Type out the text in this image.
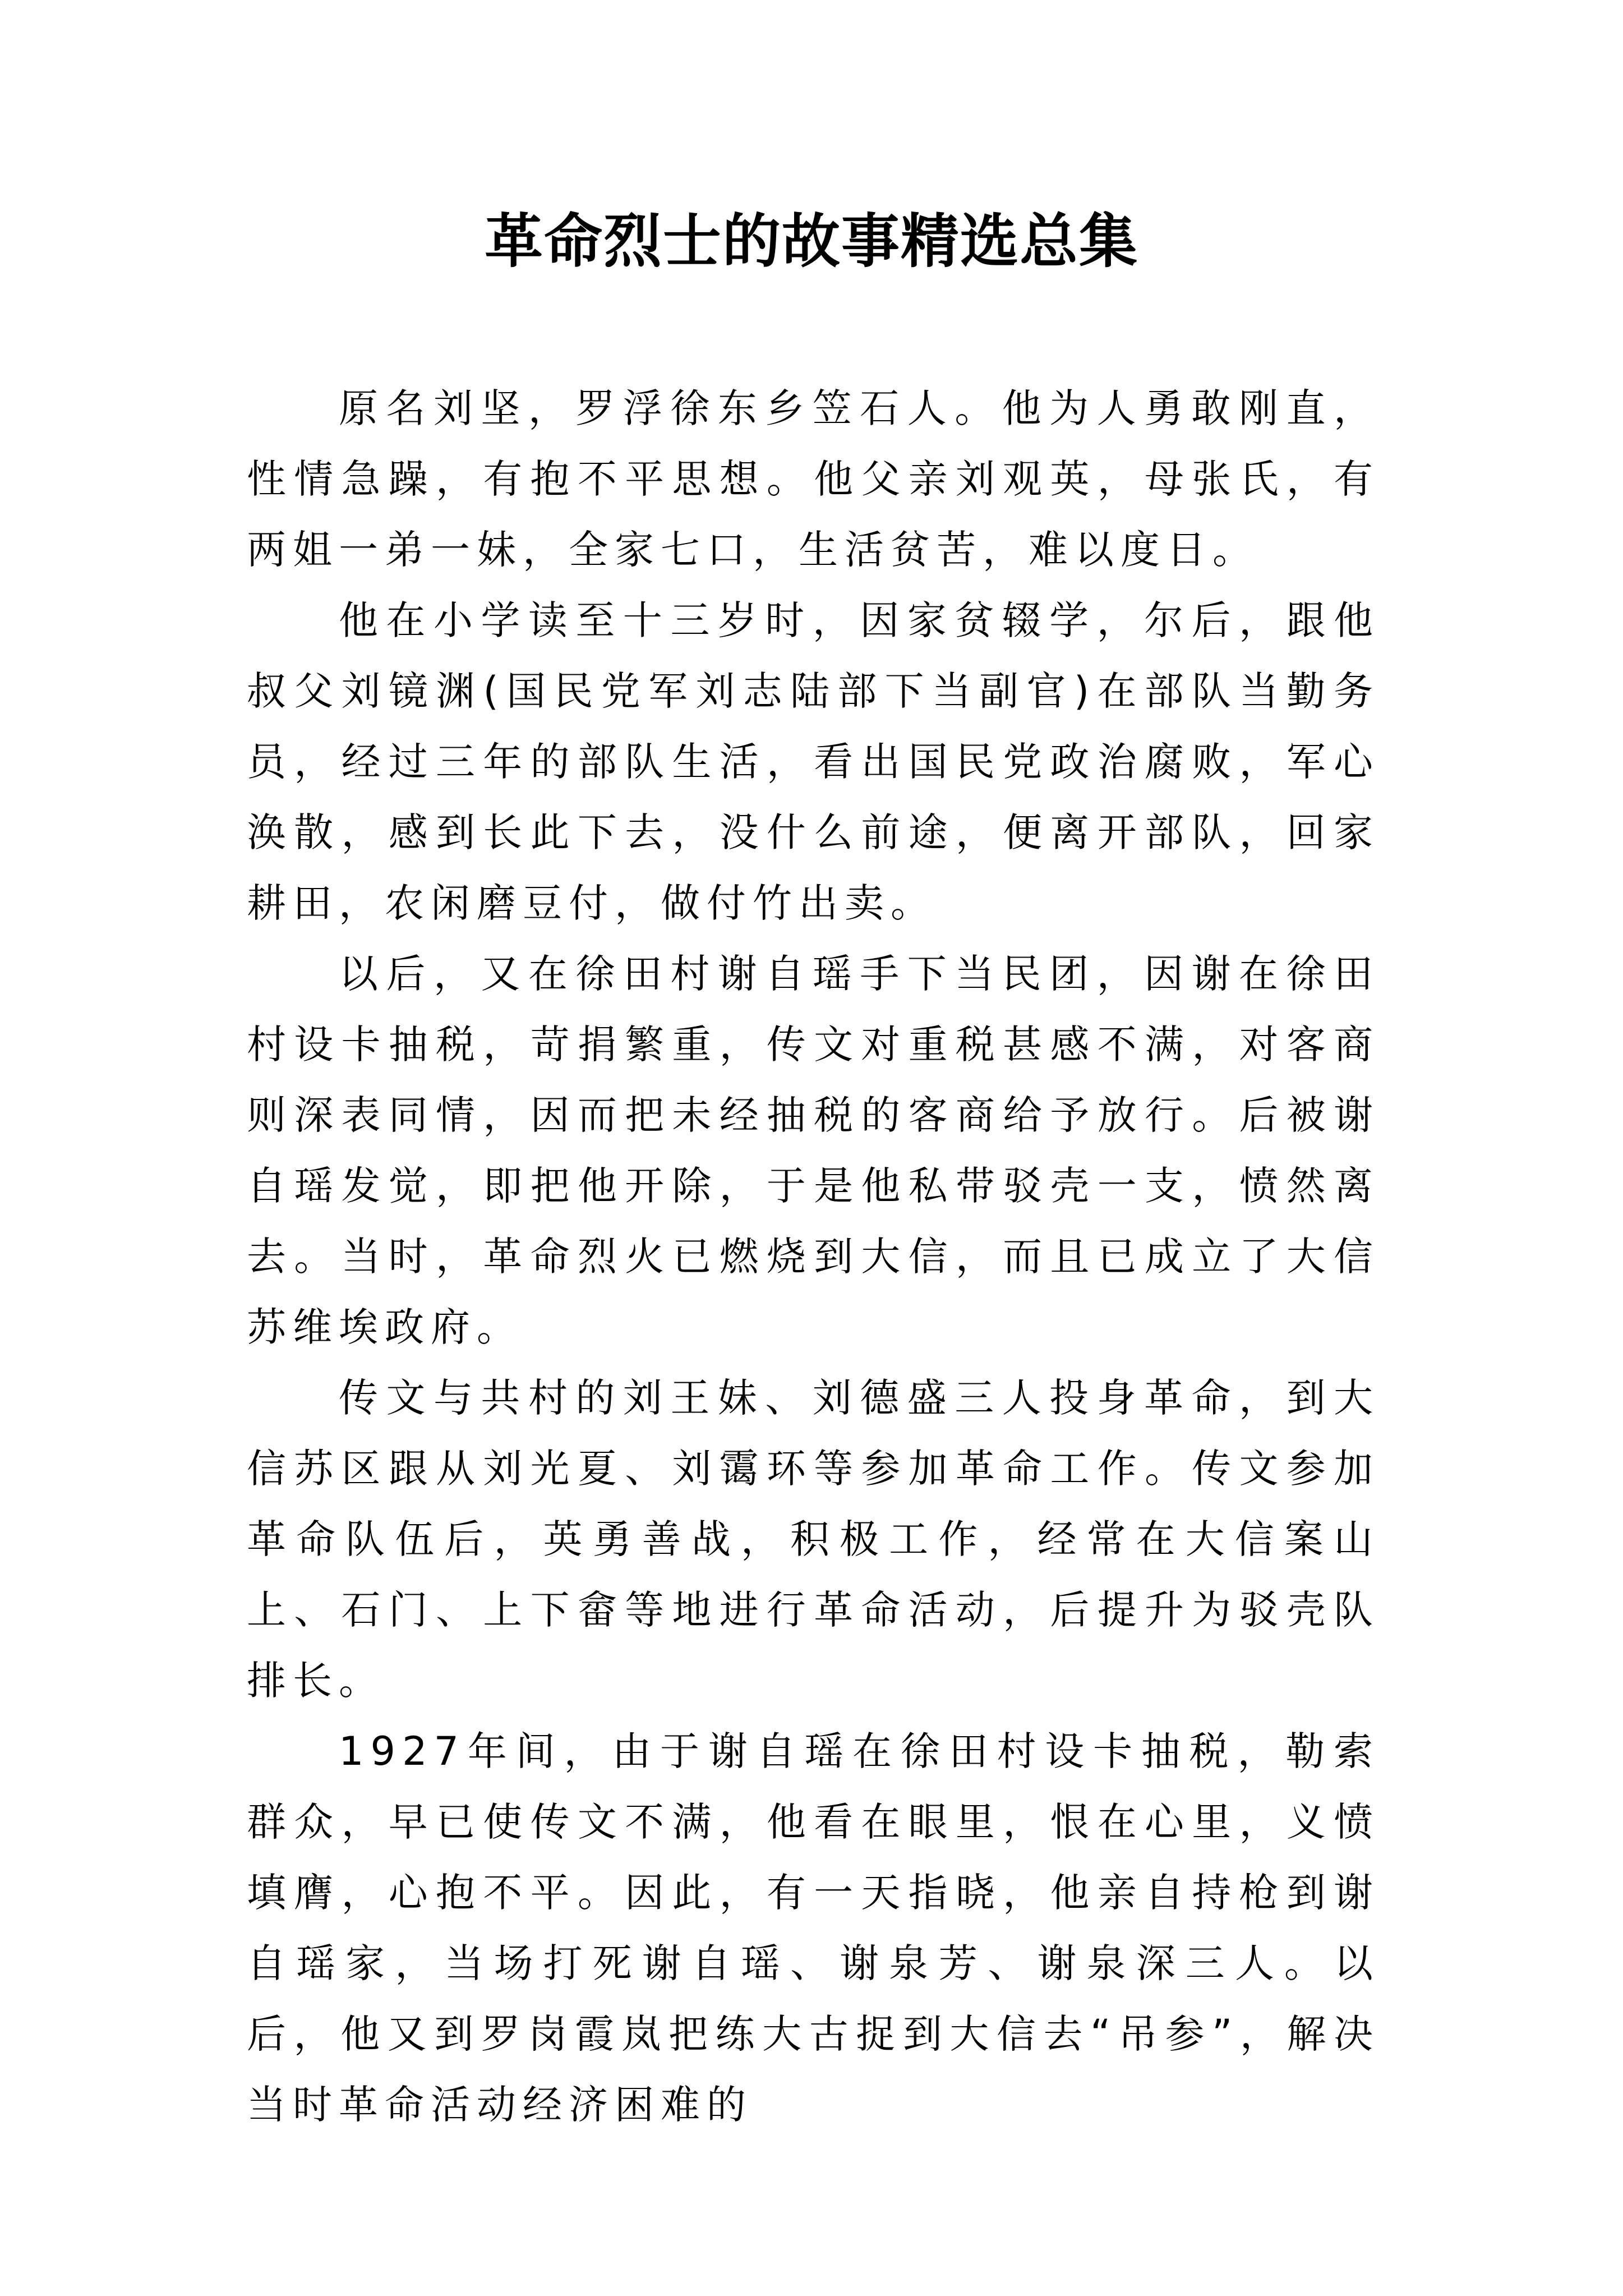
革命烈士的故事精选总集

原名刘坚，罗浮徐东乡笠石人。他为人勇敢刚直，性情急躁，有抱不平思想。他父亲刘观英，母张氏，有两姐一弟一妹，全家七口，生活贫苦，难以度日。

他在小学读至十三岁时，因家贫辍学，尔后，跟他叔父刘镜渊(国民党军刘志陆部下当副官)在部队当勤务员，经过三年的部队生活，看出国民党政治腐败，军心涣散，感到长此下去，没什么前途，便离开部队，回家耕田，农闲磨豆付，做付竹出卖。

以后，又在徐田村谢自瑶手下当民团，因谢在徐田村设卡抽税，苛捐繁重，传文对重税甚感不满，对客商则深表同情，因而把未经抽税的客商给予放行。后被谢自瑶发觉，即把他开除，于是他私带驳壳一支，愤然离去。当时，革命烈火已燃烧到大信，而且已成立了大信苏维埃政府。

传文与共村的刘王妹、刘德盛三人投身革命，到大信苏区跟从刘光夏、刘霭环等参加革命工作。传文参加革命队伍后，英勇善战，积极工作，经常在大信案山上、石门、上下畲等地进行革命活动，后提升为驳壳队排长。

1927年间，由于谢自瑶在徐田村设卡抽税，勒索群众，早已使传文不满，他看在眼里，恨在心里，义愤填膺，心抱不平。因此，有一天指晓，他亲自持枪到谢自瑶家，当场打死谢自瑶、谢泉芳、谢泉深三人。以后，他又到罗岗霞岚把练大古捉到大信去“吊参”，解决当时革命活动经济困难的
